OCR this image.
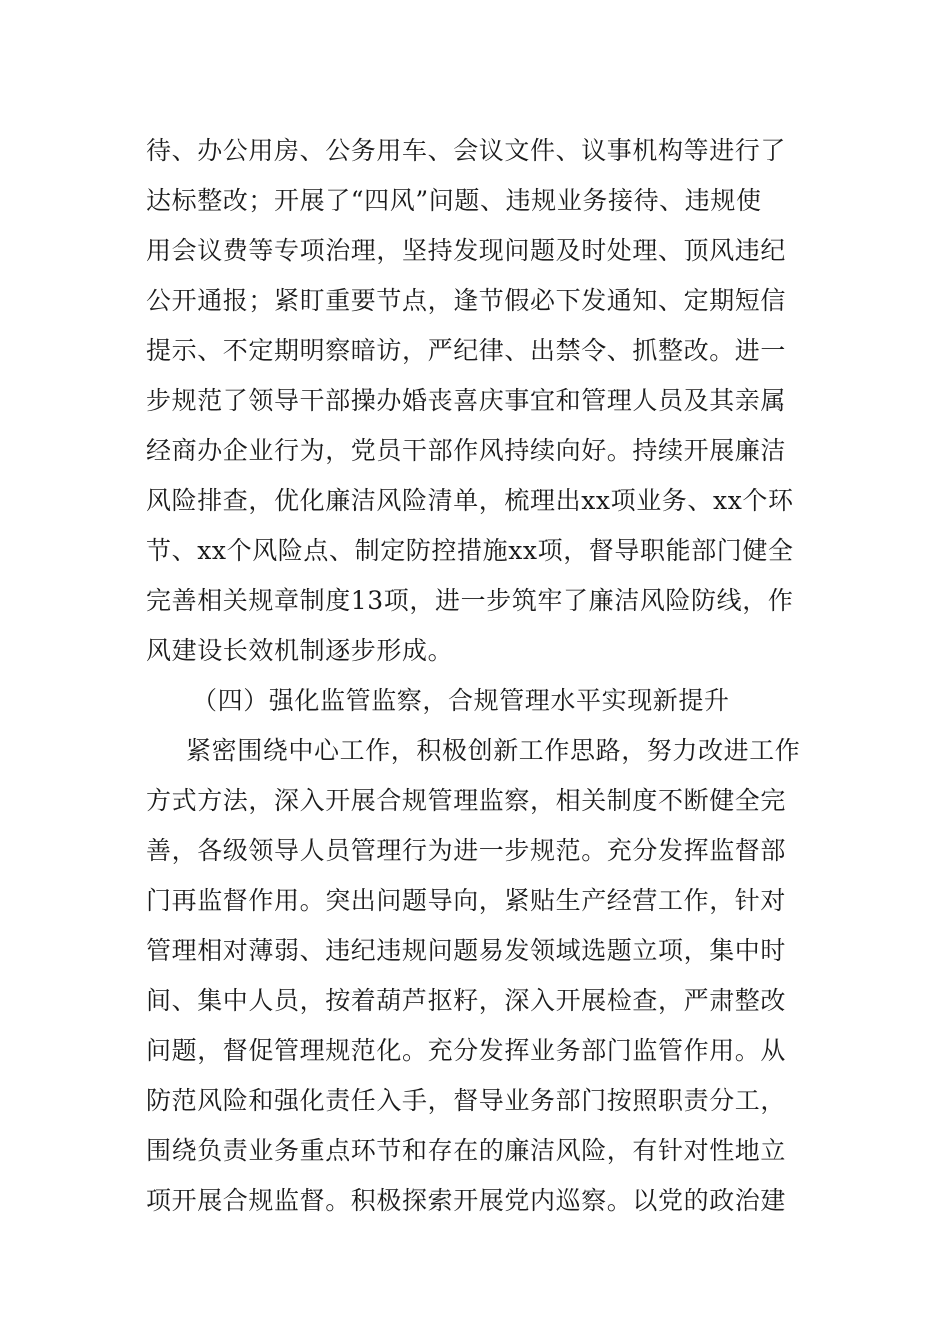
待、办公用房、公务用车、会议文件、议事机构等进行了
达标整改；开展了“四风”问题、违规业务接待、违规使
用会议费等专项治理，坚持发现问题及时处理、顶风违纪
公开通报；紧盯重要节点，逢节假必下发通知、定期短信
提示、不定期明察暗访，严纪律、出禁令、抓整改。进一
步规范了领导干部操办婚丧喜庆事宜和管理人员及其亲属
经商办企业行为，党员干部作风持续向好。持续开展廉洁
风险排查，优化廉洁风险清单，梳理出xx项业务、xx个环
节、xx个风险点、制定防控措施xx项，督导职能部门健全
完善相关规章制度13项，进一步筑牢了廉洁风险防线，作
风建设长效机制逐步形成。
（四）强化监管监察，合规管理水平实现新提升
紧密围绕中心工作，积极创新工作思路，努力改进工作
方式方法，深入开展合规管理监察，相关制度不断健全完
善，各级领导人员管理行为进一步规范。充分发挥监督部
门再监督作用。突出问题导向，紧贴生产经营工作，针对
管理相对薄弱、违纪违规问题易发领域选题立项，集中时
间、集中人员，按着葫芦抠籽，深入开展检查，严肃整改
问题，督促管理规范化。充分发挥业务部门监管作用。从
防范风险和强化责任入手，督导业务部门按照职责分工，
围绕负责业务重点环节和存在的廉洁风险，有针对性地立
项开展合规监督。积极探索开展党内巡察。以党的政治建
